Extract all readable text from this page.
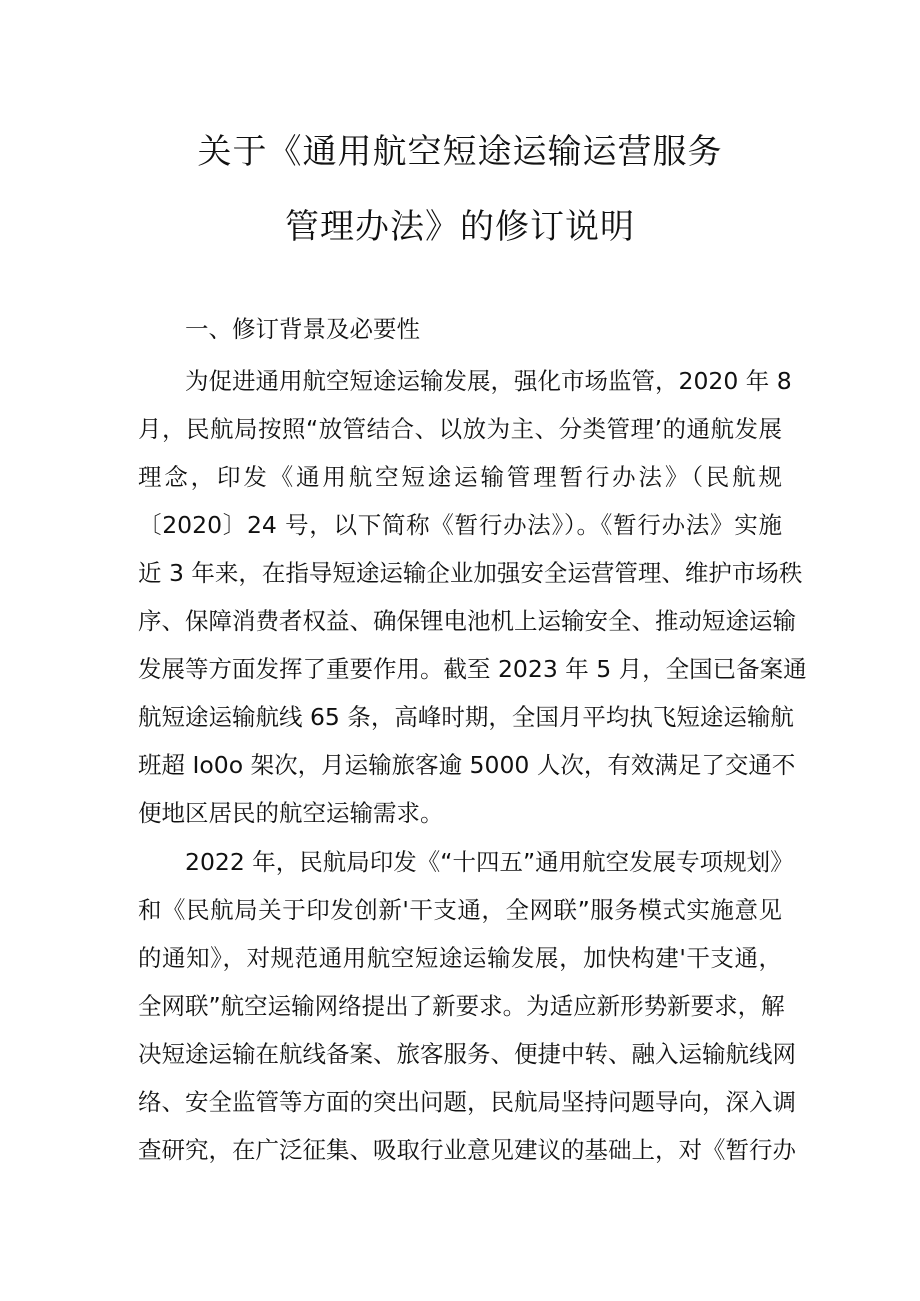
关于《通用航空短途运输运营服务
管理办法》的修订说明
一、修订背景及必要性
为促进通用航空短途运输发展，强化市场监管，2020 年 8
月，民航局按照“放管结合、以放为主、分类管理’的通航发展
理念，印发《通用航空短途运输管理暂行办法》（民航规
〔2020〕24 号，以下简称《暂行办法》）。《暂行办法》实施
近 3 年来，在指导短途运输企业加强安全运营管理、维护市场秩
序、保障消费者权益、确保锂电池机上运输安全、推动短途运输
发展等方面发挥了重要作用。截至 2023 年 5 月，全国已备案通
航短途运输航线 65 条，高峰时期，全国月平均执飞短途运输航
班超 Io0o 架次，月运输旅客逾 5000 人次，有效满足了交通不
便地区居民的航空运输需求。
2022 年，民航局印发《“十四五”通用航空发展专项规划》
和《民航局关于印发创新'干支通，全网联”服务模式实施意见
的通知》，对规范通用航空短途运输发展，加快构建'干支通，
全网联”航空运输网络提出了新要求。为适应新形势新要求，解
决短途运输在航线备案、旅客服务、便捷中转、融入运输航线网
络、安全监管等方面的突出问题，民航局坚持问题导向，深入调
查研究，在广泛征集、吸取行业意见建议的基础上，对《暂行办
